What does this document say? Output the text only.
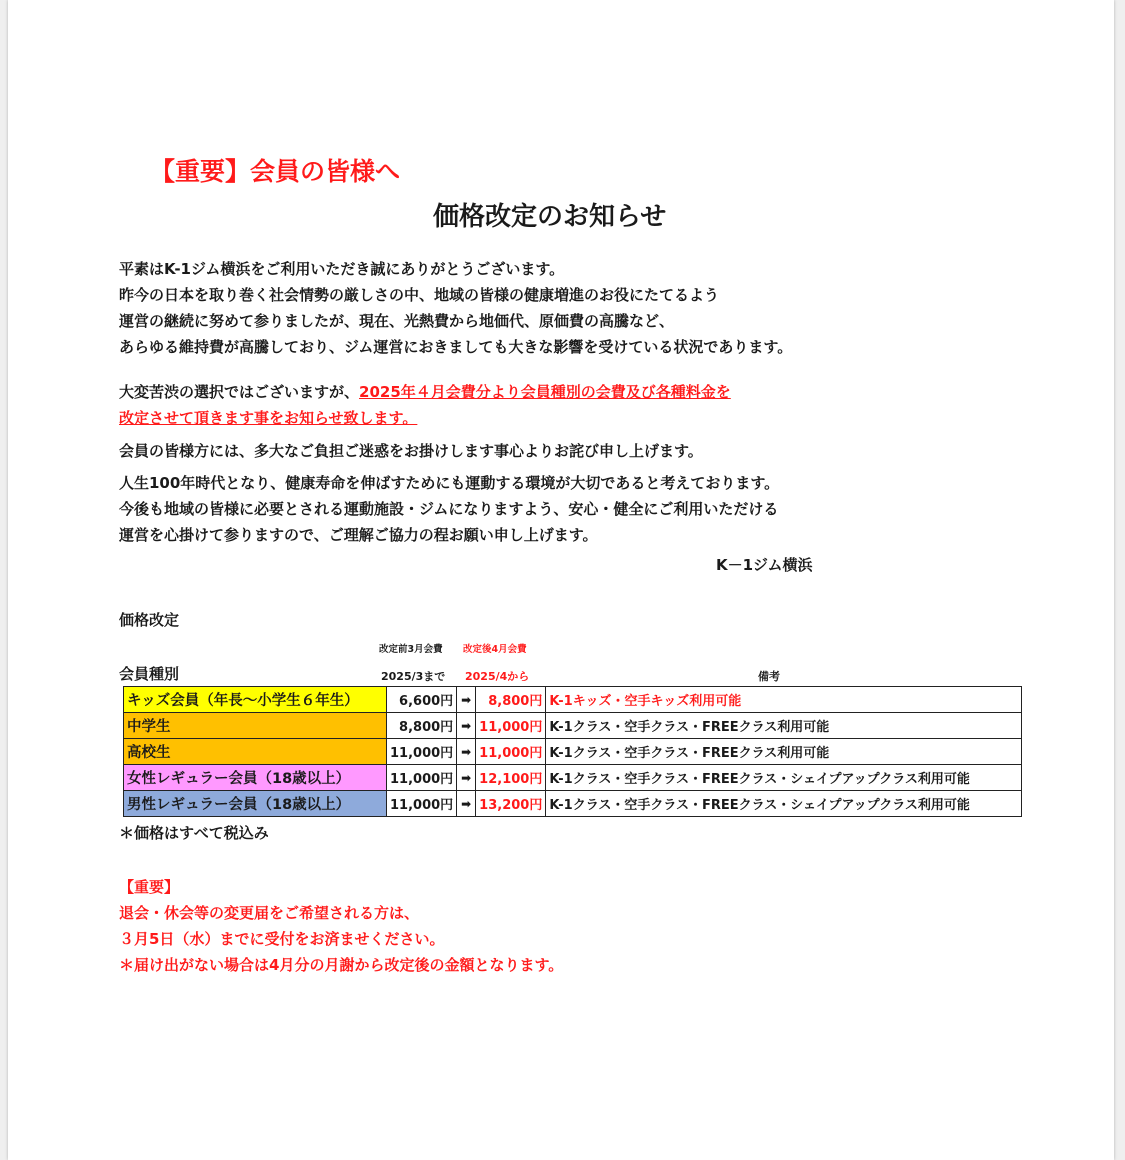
【重要】会員の皆様へ
価格改定のお知らせ
平素はK-1ジム横浜をご利用いただき誠にありがとうございます。
昨今の日本を取り巻く社会情勢の厳しさの中、地域の皆様の健康増進のお役にたてるよう
運営の継続に努めて参りましたが、現在、光熱費から地価代、原価費の高騰など、
あらゆる維持費が高騰しており、ジム運営におきましても大きな影響を受けている状況であります。
大変苦渋の選択ではございますが、2025年４月会費分より会員種別の会費及び各種料金を
改定させて頂きます事をお知らせ致します。
会員の皆様方には、多大なご負担ご迷惑をお掛けします事心よりお詫び申し上げます。
人生100年時代となり、健康寿命を伸ばすためにも運動する環境が大切であると考えております。
今後も地域の皆様に必要とされる運動施設・ジムになりますよう、安心・健全にご利用いただける
運営を心掛けて参りますので、ご理解ご協力の程お願い申し上げます。
K－1ジム横浜
価格改定
改定前3月会費 改定後4月会費
会員種別	2025/3まで 2025/4から	備考
キッズ会員（年長～小学生６年生）	6,600円	➡	8,800円	K-1キッズ・空手キッズ利用可能
中学生	8,800円	➡	11,000円	K-1クラス・空手クラス・FREEクラス利用可能
高校生	11,000円	➡	11,000円	K-1クラス・空手クラス・FREEクラス利用可能
女性レギュラー会員（18歳以上）	11,000円	➡	12,100円	K-1クラス・空手クラス・FREEクラス・シェイプアップクラス利用可能
男性レギュラー会員（18歳以上）	11,000円	➡	13,200円	K-1クラス・空手クラス・FREEクラス・シェイプアップクラス利用可能
＊価格はすべて税込み
【重要】
退会・休会等の変更届をご希望される方は、
３月5日（水）までに受付をお済ませください。
＊届け出がない場合は4月分の月謝から改定後の金額となります。
